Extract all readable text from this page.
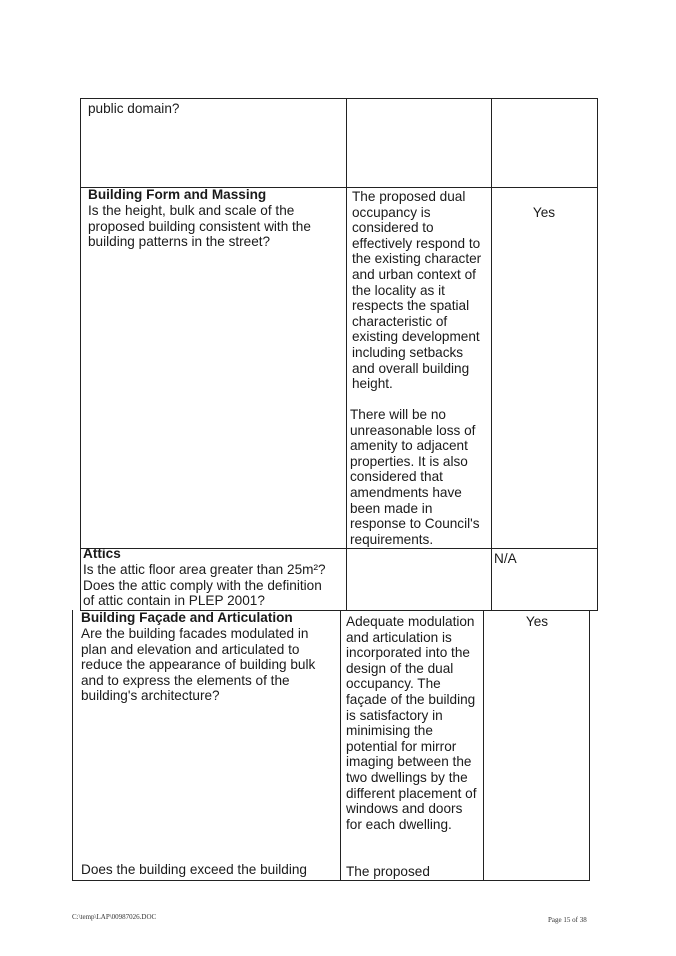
public domain?
Building Form and Massing
Is the height, bulk and scale of the
proposed building consistent with the
building patterns in the street?
The proposed dual
occupancy is
considered to
effectively respond to
the existing character
and urban context of
the locality as it
respects the spatial
characteristic of
existing development
including setbacks
and overall building
height.
There will be no
unreasonable loss of
amenity to adjacent
properties. It is also
considered that
amendments have
been made in
response to Council's
requirements.
Yes
Attics
Is the attic floor area greater than 25m²?
Does the attic comply with the definition
of attic contain in PLEP 2001?
N/A
Building Façade and Articulation
Are the building facades modulated in
plan and elevation and articulated to
reduce the appearance of building bulk
and to express the elements of the
building's architecture?
Adequate modulation
and articulation is
incorporated into the
design of the dual
occupancy. The
façade of the building
is satisfactory in
minimising the
potential for mirror
imaging between the
two dwellings by the
different placement of
windows and doors
for each dwelling.
Yes
Does the building exceed the building	The proposed
C:\temp\LAP\00987026.DOC	Page 15 of 38
